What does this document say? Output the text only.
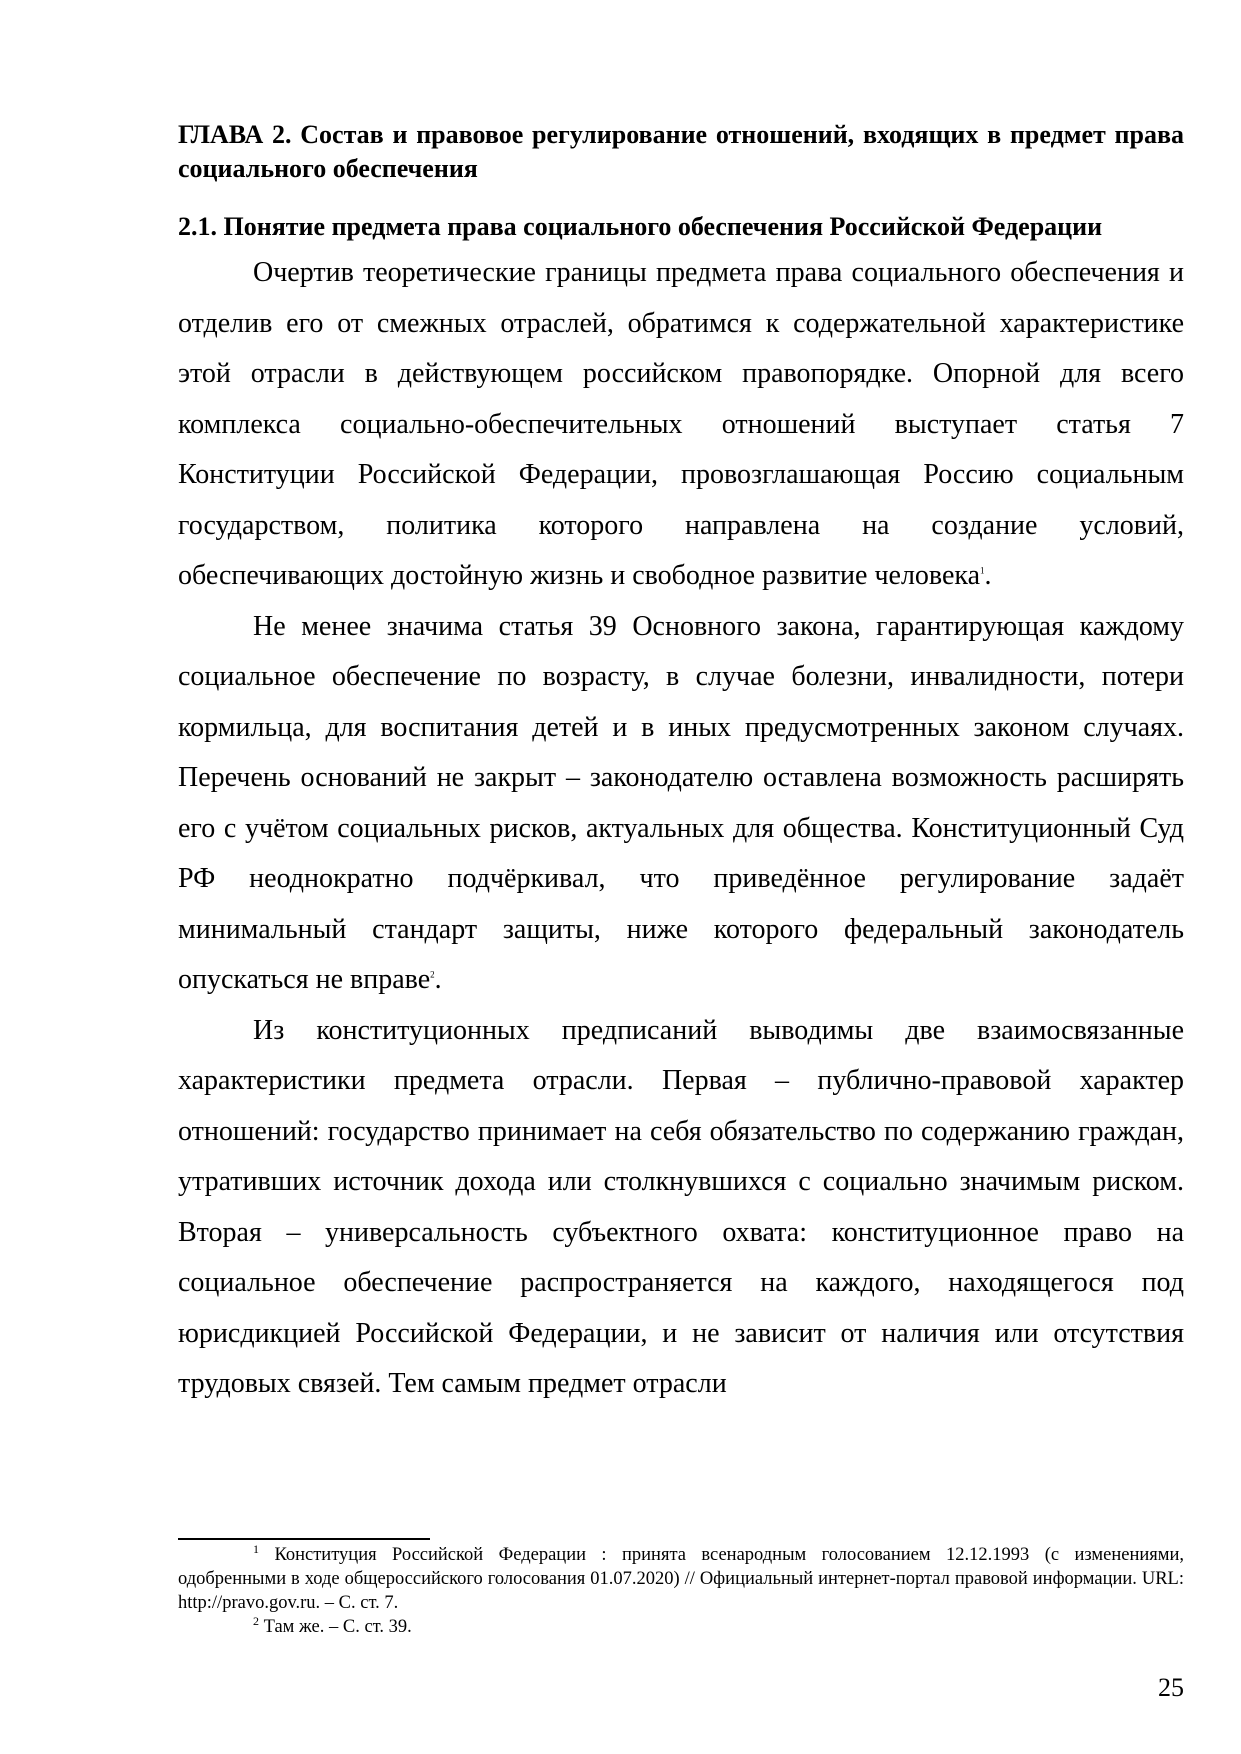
ГЛАВА 2. Состав и правовое регулирование отношений, входящих в предмет права социального обеспечения
2.1. Понятие предмета права социального обеспечения Российской Федерации

Очертив теоретические границы предмета права социального обеспечения и отделив его от смежных отраслей, обратимся к содержательной характеристике этой отрасли в действующем российском правопорядке. Опорной для всего комплекса социально-обеспечительных отношений выступает статья 7 Конституции Российской Федерации, провозглашающая Россию социальным государством, политика которого направлена на создание условий, обеспечивающих достойную жизнь и свободное развитие человека$^1$.

Не менее значима статья 39 Основного закона, гарантирующая каждому социальное обеспечение по возрасту, в случае болезни, инвалидности, потери кормильца, для воспитания детей и в иных предусмотренных законом случаях. Перечень оснований не закрыт – законодателю оставлена возможность расширять его с учётом социальных рисков, актуальных для общества. Конституционный Суд РФ неоднократно подчёркивал, что приведённое регулирование задаёт минимальный стандарт защиты, ниже которого федеральный законодатель опускаться не вправе$^2$.

Из конституционных предписаний выводимы две взаимосвязанные характеристики предмета отрасли. Первая – публично-правовой характер отношений: государство принимает на себя обязательство по содержанию граждан, утративших источник дохода или столкнувшихся с социально значимым риском. Вторая – универсальность субъектного охвата: конституционное право на социальное обеспечение распространяется на каждого, находящегося под юрисдикцией Российской Федерации, и не зависит от наличия или отсутствия трудовых связей. Тем самым предмет отрасли

$^1$ Конституция Российской Федерации : принята всенародным голосованием 12.12.1993 (с изменениями, одобренными в ходе общероссийского голосования 01.07.2020) // Официальный интернет-портал правовой информации. URL: http://pravo.gov.ru. – С. ст. 7.

$^2$ Там же. – С. ст. 39.

25
